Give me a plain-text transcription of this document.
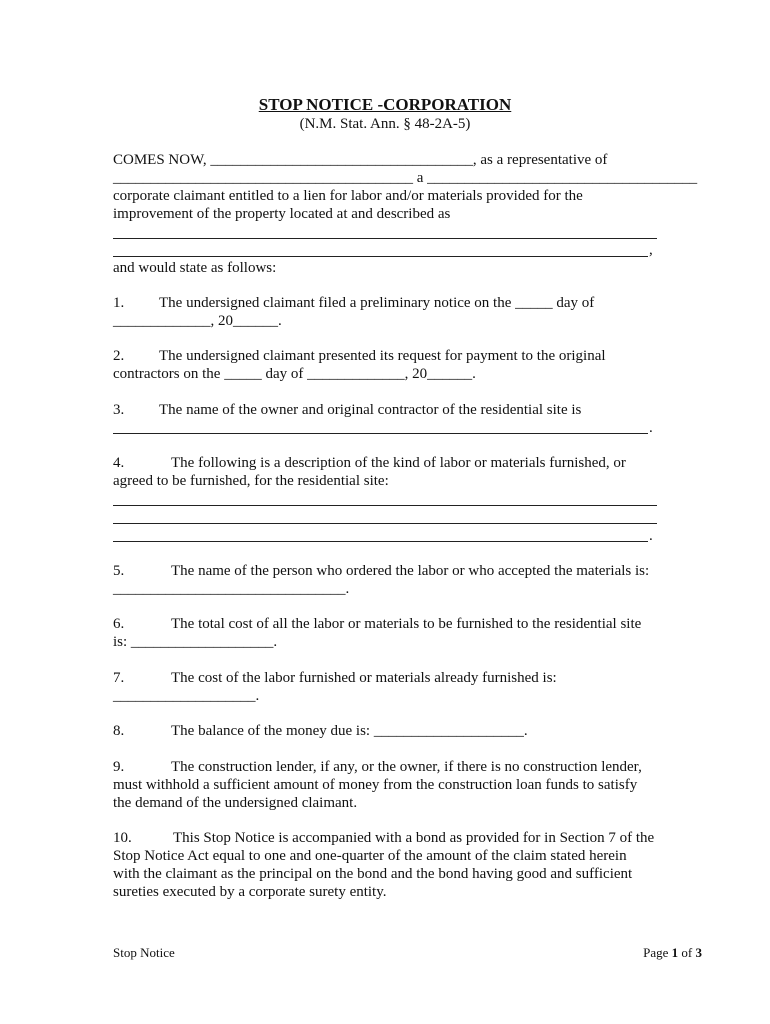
STOP NOTICE -CORPORATION
(N.M. Stat. Ann. § 48-2A-5)
COMES NOW, ___________________________________, as a representative of
________________________________________ a ____________________________________
corporate claimant entitled to a lien for labor and/or materials provided for the
improvement of the property located at and described as
,
and would state as follows:
1. The undersigned claimant filed a preliminary notice on the _____ day of
_____________, 20______.
2. The undersigned claimant presented its request for payment to the original
contractors on the _____ day of _____________, 20______.
3. The name of the owner and original contractor of the residential site is
.
4.	The following is a description of the kind of labor or materials furnished, or
agreed to be furnished, for the residential site:
.
5.	The name of the person who ordered the labor or who accepted the materials is:
_______________________________.
6.	The total cost of all the labor or materials to be furnished to the residential site
is: ___________________.
7.	The cost of the labor furnished or materials already furnished is:
___________________.
8.	The balance of the money due is: ____________________.
9.	The construction lender, if any, or the owner, if there is no construction lender,
must withhold a sufficient amount of money from the construction loan funds to satisfy
the demand of the undersigned claimant.
10.	This Stop Notice is accompanied with a bond as provided for in Section 7 of the
Stop Notice Act equal to one and one-quarter of the amount of the claim stated herein
with the claimant as the principal on the bond and the bond having good and sufficient
sureties executed by a corporate surety entity.
Stop Notice	Page 1 of 3
